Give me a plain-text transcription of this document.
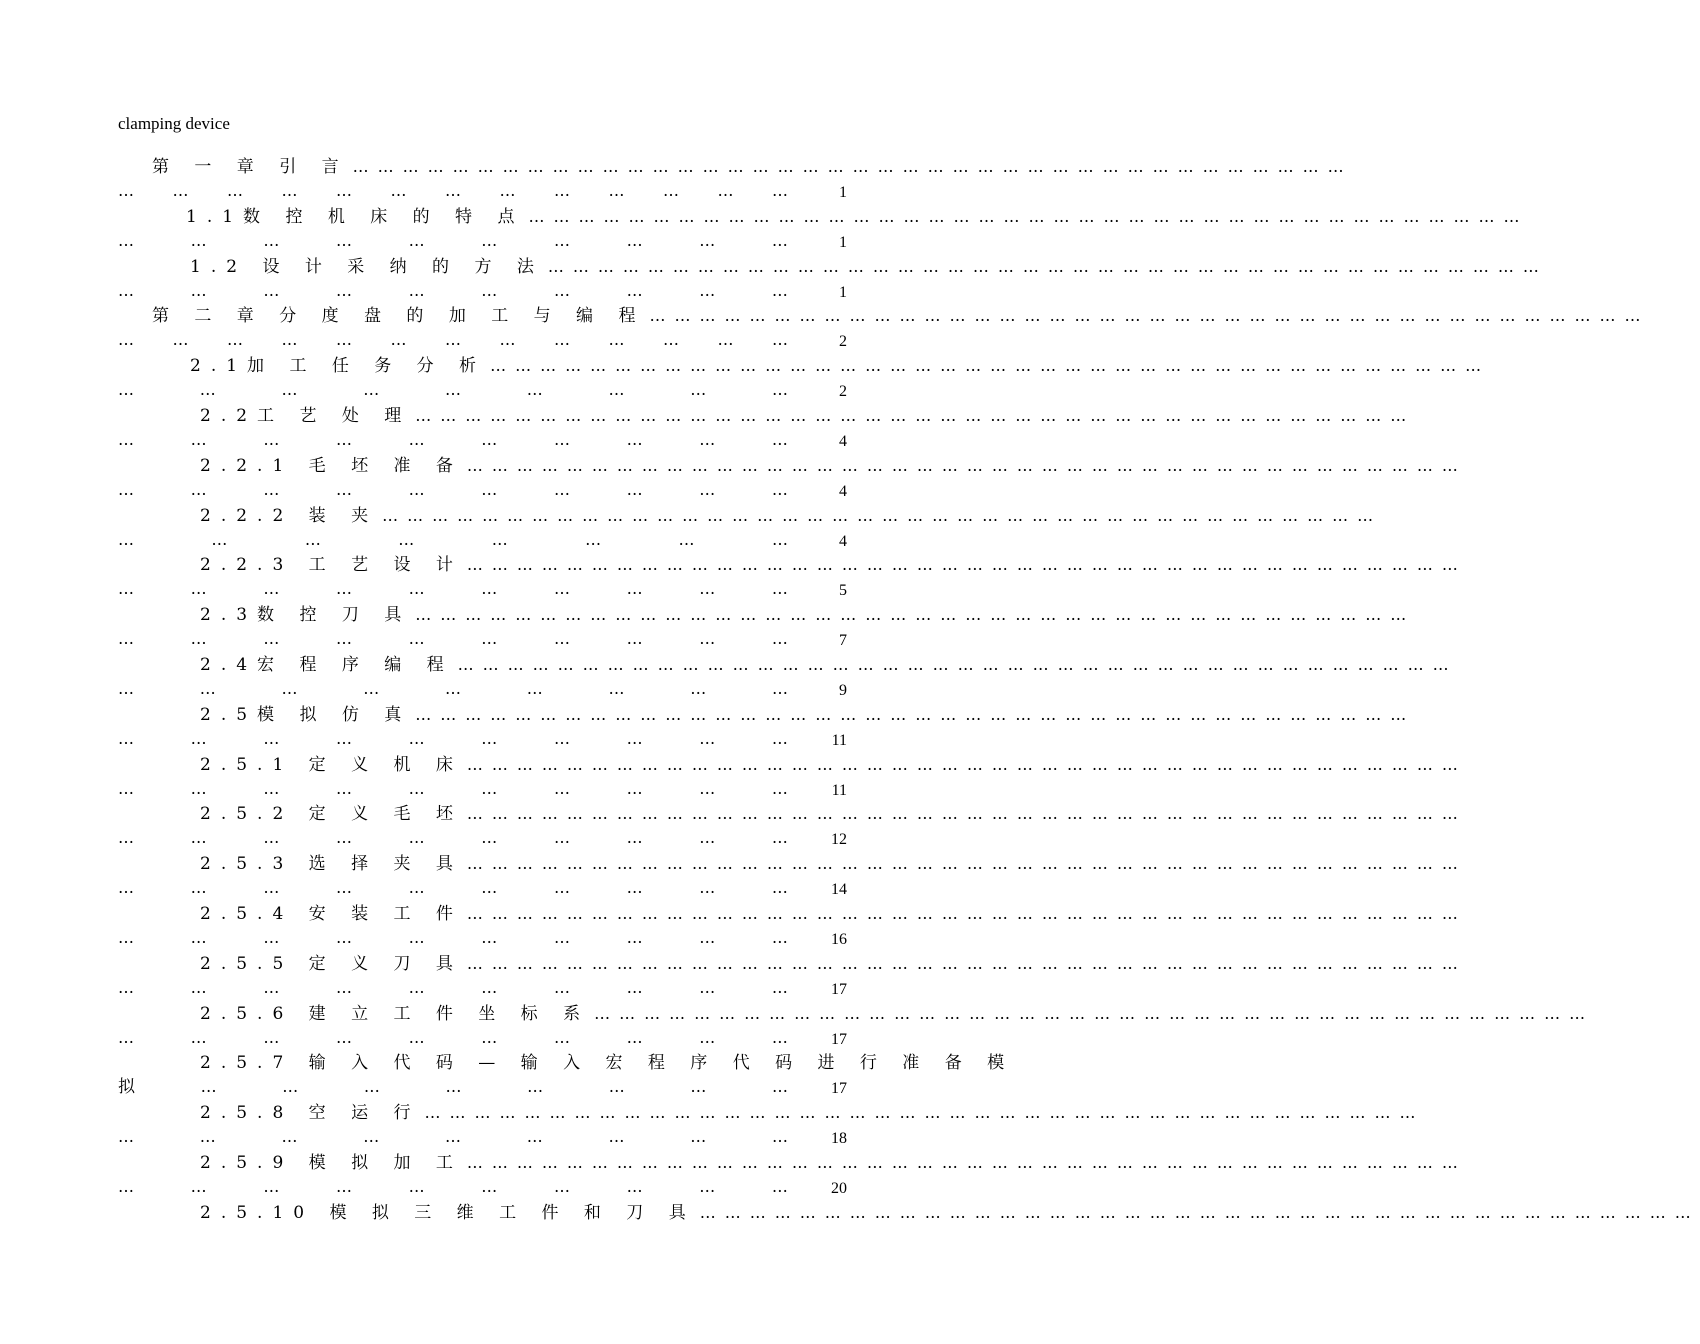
clamping device
第 一 章 引 言 …………………………………………………………………………………………………………
… … … … … … … … … … … … …	1
1.1数 控 机 床 的 特 点 …………………………………………………………………………………………………………
…	…	…	…	…	…	…	…	…	…	1
1.2 设 计 采 纳 的 方 法 …………………………………………………………………………………………………………
…	…	…	…	…	…	…	…	…	…	1
第 二 章 分 度 盘 的 加 工 与 编 程 …………………………………………………………………………………………………………
… … … … … … … … … … … … …	2
2.1加 工 任 务 分 析 …………………………………………………………………………………………………………
…	…	…	…	…	…	…	…	…	2
2.2工 艺 处 理 …………………………………………………………………………………………………………
…	…	…	…	…	…	…	…	…	…	4
2.2.1 毛 坯 准 备 …………………………………………………………………………………………………………
…	…	…	…	…	…	…	…	…	…	4
2.2.2 装 夹 …………………………………………………………………………………………………………
…	…	…	…	…	…	…	…	4
2.2.3 工 艺 设 计 …………………………………………………………………………………………………………
…	…	…	…	…	…	…	…	…	…	5
2.3数 控 刀 具 …………………………………………………………………………………………………………
…	…	…	…	…	…	…	…	…	…	7
2.4宏 程 序 编 程 …………………………………………………………………………………………………………
…	…	…	…	…	…	…	…	…	9
2.5模 拟 仿 真 …………………………………………………………………………………………………………
…	…	…	…	…	…	…	…	…	…	11
2.5.1 定 义 机 床 …………………………………………………………………………………………………………
…	…	…	…	…	…	…	…	…	…	11
2.5.2 定 义 毛 坯 …………………………………………………………………………………………………………
…	…	…	…	…	…	…	…	…	…	12
2.5.3 选 择 夹 具 …………………………………………………………………………………………………………
…	…	…	…	…	…	…	…	…	…	14
2.5.4 安 装 工 件 …………………………………………………………………………………………………………
…	…	…	…	…	…	…	…	…	…	16
2.5.5 定 义 刀 具 …………………………………………………………………………………………………………
…	…	…	…	…	…	…	…	…	…	17
2.5.6 建 立 工 件 坐 标 系 …………………………………………………………………………………………………………
…	…	…	…	…	…	…	…	…	…	17
2.5.7 输 入 代 码 — 输 入 宏 程 序 代 码 进 行 准 备 模
拟	…	…	…	…	…	…	…	…	17
2.5.8 空 运 行 …………………………………………………………………………………………………………
…	…	…	…	…	…	…	…	…	18
2.5.9 模 拟 加 工 …………………………………………………………………………………………………………
…	…	…	…	…	…	…	…	…	…	20
2.5.10 模 拟 三 维 工 件 和 刀 具 …………………………………………………………………………………………………………
